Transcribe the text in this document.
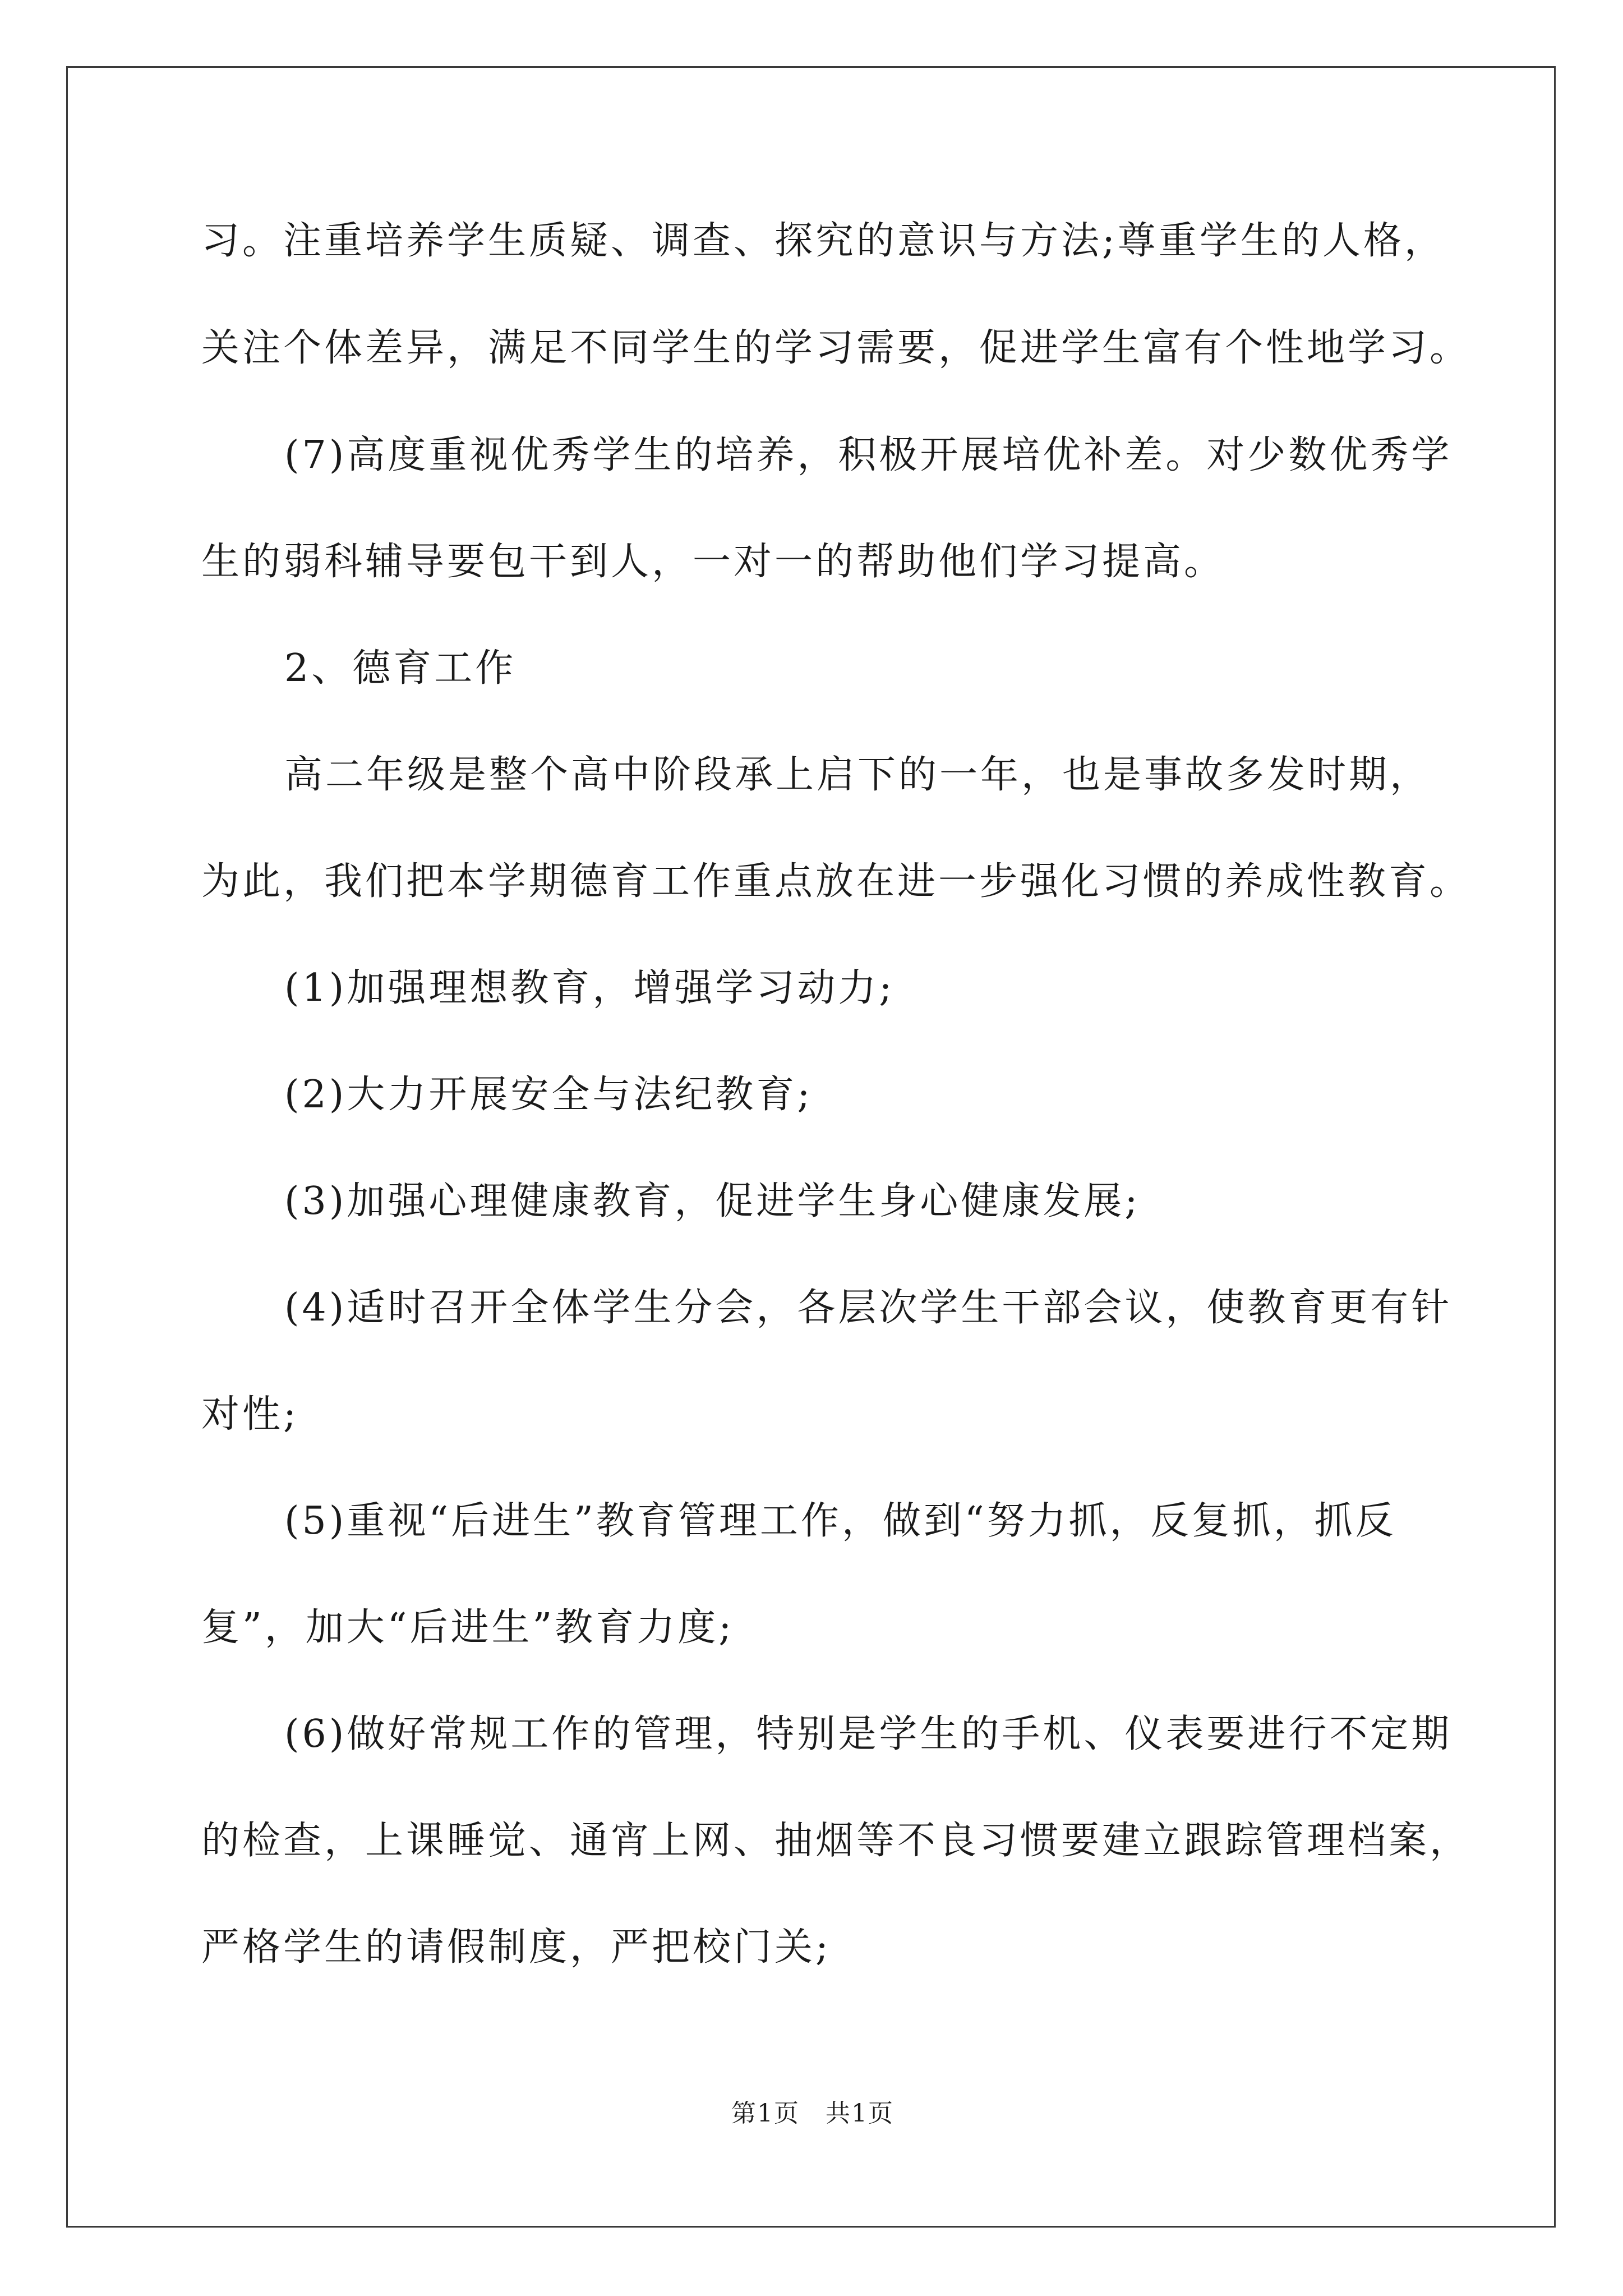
习。注重培养学生质疑、调查、探究的意识与方法;尊重学生的人格，
关注个体差异，满足不同学生的学习需要，促进学生富有个性地学习。
(7)高度重视优秀学生的培养，积极开展培优补差。对少数优秀学
生的弱科辅导要包干到人，一对一的帮助他们学习提高。
2、德育工作
高二年级是整个高中阶段承上启下的一年，也是事故多发时期，
为此，我们把本学期德育工作重点放在进一步强化习惯的养成性教育。
(1)加强理想教育，增强学习动力;
(2)大力开展安全与法纪教育;
(3)加强心理健康教育，促进学生身心健康发展;
(4)适时召开全体学生分会，各层次学生干部会议，使教育更有针
对性;
(5)重视“后进生”教育管理工作，做到“努力抓，反复抓，抓反
复”，加大“后进生”教育力度;
(6)做好常规工作的管理，特别是学生的手机、仪表要进行不定期
的检查，上课睡觉、通宵上网、抽烟等不良习惯要建立跟踪管理档案，
严格学生的请假制度，严把校门关;
第1页　共1页
